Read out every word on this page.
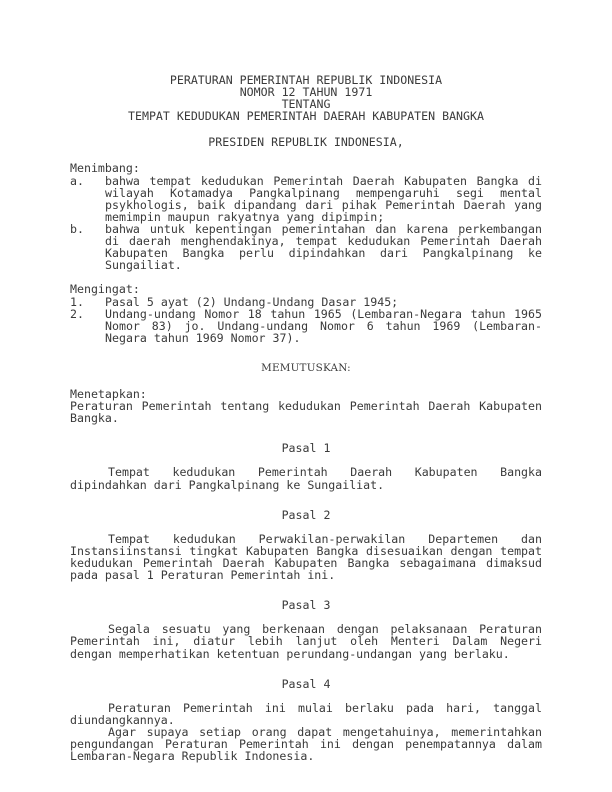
PERATURAN PEMERINTAH REPUBLIK INDONESIA
NOMOR 12 TAHUN 1971
TENTANG
TEMPAT KEDUDUKAN PEMERINTAH DAERAH KABUPATEN BANGKA
PRESIDEN REPUBLIK INDONESIA,
Menimbang:
a.	bahwa tempat kedudukan Pemerintah Daerah Kabupaten Bangka di wilayah Kotamadya Pangkalpinang mempengaruhi segi mental psykhologis, baik dipandang dari pihak Pemerintah Daerah yang memimpin maupun rakyatnya yang dipimpin;
b.	bahwa untuk kepentingan pemerintahan dan karena perkembangan di daerah menghendakinya, tempat kedudukan Pemerintah Daerah Kabupaten Bangka perlu dipindahkan dari Pangkalpinang ke Sungailiat.
Mengingat:
1.	Pasal 5 ayat (2) Undang-Undang Dasar 1945;
2.	Undang-undang Nomor 18 tahun 1965 (Lembaran-Negara tahun 1965 Nomor 83) jo. Undang-undang Nomor 6 tahun 1969 (Lembaran-Negara tahun 1969 Nomor 37).
MEMUTUSKAN:
Menetapkan:
Peraturan Pemerintah tentang kedudukan Pemerintah Daerah Kabupaten Bangka.
Pasal 1
Tempat kedudukan Pemerintah Daerah Kabupaten Bangka dipindahkan dari Pangkalpinang ke Sungailiat.
Pasal 2
Tempat kedudukan Perwakilan-perwakilan Departemen dan Instansiinstansi tingkat Kabupaten Bangka disesuaikan dengan tempat kedudukan Pemerintah Daerah Kabupaten Bangka sebagaimana dimaksud pada pasal 1 Peraturan Pemerintah ini.
Pasal 3
Segala sesuatu yang berkenaan dengan pelaksanaan Peraturan Pemerintah ini, diatur lebih lanjut oleh Menteri Dalam Negeri dengan memperhatikan ketentuan perundang-undangan yang berlaku.
Pasal 4
Peraturan Pemerintah ini mulai berlaku pada hari, tanggal diundangkannya.
Agar supaya setiap orang dapat mengetahuinya, memerintahkan pengundangan Peraturan Pemerintah ini dengan penempatannya dalam Lembaran-Negara Republik Indonesia.
